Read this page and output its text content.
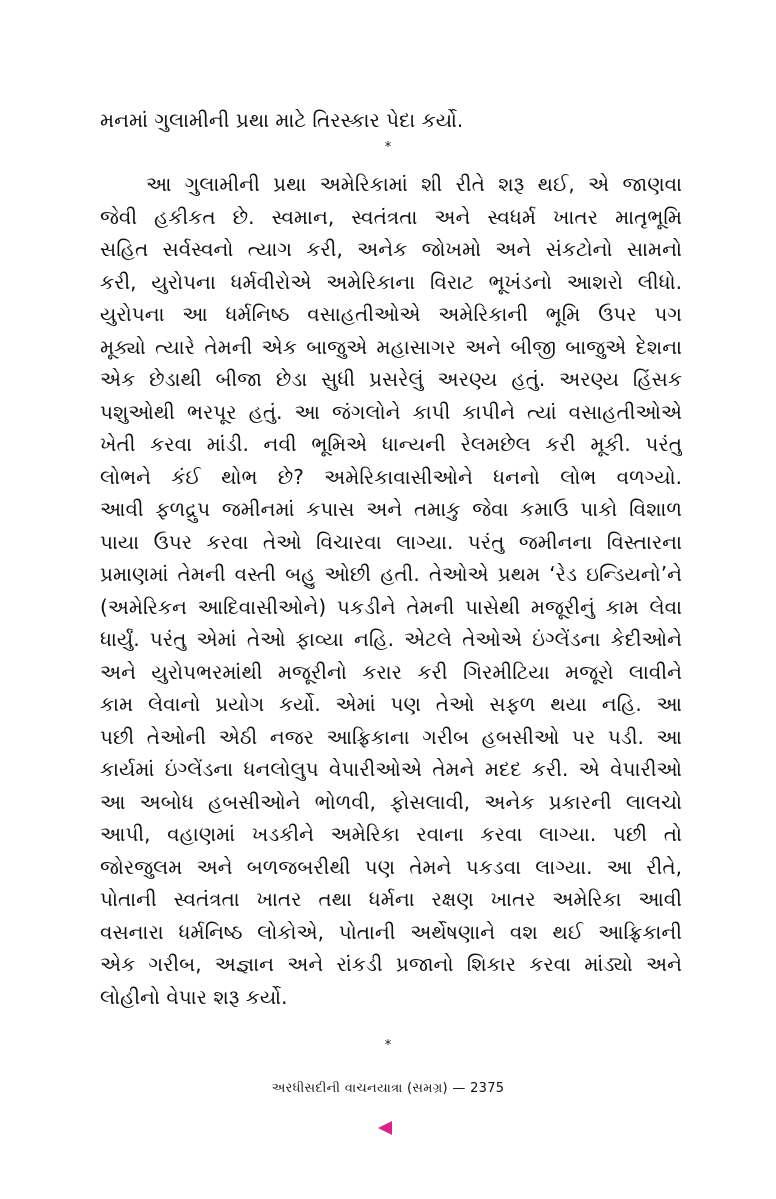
મનમાં ગુલામીની પ્રથા માટે તિરસ્કાર પેદા કર્યો.
*
આ ગુલામીની પ્રથા અમેરિકામાં શી રીતે શરૂ થઈ, એ જાણવા
જેવી હકીકત છે. સ્વમાન, સ્વતંત્રતા અને સ્વધર્મ ખાતર માતૃભૂમિ
સહિત સર્વસ્વનો ત્યાગ કરી, અનેક જોખમો અને સંકટોનો સામનો
કરી, યુરોપના ધર્મવીરોએ અમેરિકાના વિરાટ ભૂખંડનો આશરો લીધો.
યુરોપના આ ધર્મનિષ્ઠ વસાહતીઓએ અમેરિકાની ભૂમિ ઉપર પગ
મૂક્યો ત્યારે તેમની એક બાજુએ મહાસાગર અને બીજી બાજુએ દેશના
એક છેડાથી બીજા છેડા સુધી પ્રસરેલું અરણ્ય હતું. અરણ્ય હિંસક
પશુઓથી ભરપૂર હતું. આ જંગલોને કાપી કાપીને ત્યાં વસાહતીઓએ
ખેતી કરવા માંડી. નવી ભૂમિએ ધાન્યની રેલમછેલ કરી મૂકી. પરંતુ
લોભને કંઈ થોભ છે? અમેરિકાવાસીઓને ધનનો લોભ વળગ્યો.
આવી ફળદ્રુપ જમીનમાં કપાસ અને તમાકુ જેવા કમાઉ પાકો વિશાળ
પાયા ઉપર કરવા તેઓ વિચારવા લાગ્યા. પરંતુ જમીનના વિસ્તારના
પ્રમાણમાં તેમની વસ્તી બહુ ઓછી હતી. તેઓએ પ્રથમ ‘રેડ ઇન્ડિયનો’ને
(અમેરિકન આદિવાસીઓને) પકડીને તેમની પાસેથી મજૂરીનું કામ લેવા
ધાર્યું. પરંતુ એમાં તેઓ ફાવ્યા નહિ. એટલે તેઓએ ઇંગ્લેંડના કેદીઓને
અને યુરોપભરમાંથી મજૂરીનો કરાર કરી ગિરમીટિયા મજૂરો લાવીને
કામ લેવાનો પ્રયોગ કર્યો. એમાં પણ તેઓ સફળ થયા નહિ. આ
પછી તેઓની એઠી નજર આફ્રિકાના ગરીબ હબસીઓ પર પડી. આ
કાર્યમાં ઇંગ્લેંડના ધનલોલુપ વેપારીઓએ તેમને મદદ કરી. એ વેપારીઓ
આ અબોધ હબસીઓને ભોળવી, ફોસલાવી, અનેક પ્રકારની લાલચો
આપી, વહાણમાં ખડકીને અમેરિકા રવાના કરવા લાગ્યા. પછી તો
જોરજુલમ અને બળજબરીથી પણ તેમને પકડવા લાગ્યા. આ રીતે,
પોતાની સ્વતંત્રતા ખાતર તથા ધર્મના રક્ષણ ખાતર અમેરિકા આવી
વસનારા ધર્મનિષ્ઠ લોકોએ, પોતાની અર્થેષણાને વશ થઈ આફ્રિકાની
એક ગરીબ, અજ્ઞાન અને રાંકડી પ્રજાનો શિકાર કરવા માંડ્યો અને
લોહીનો વેપાર શરૂ કર્યો.
*
અરધીસદીની વાચનયાત્રા (સમગ્ર) — 2375
